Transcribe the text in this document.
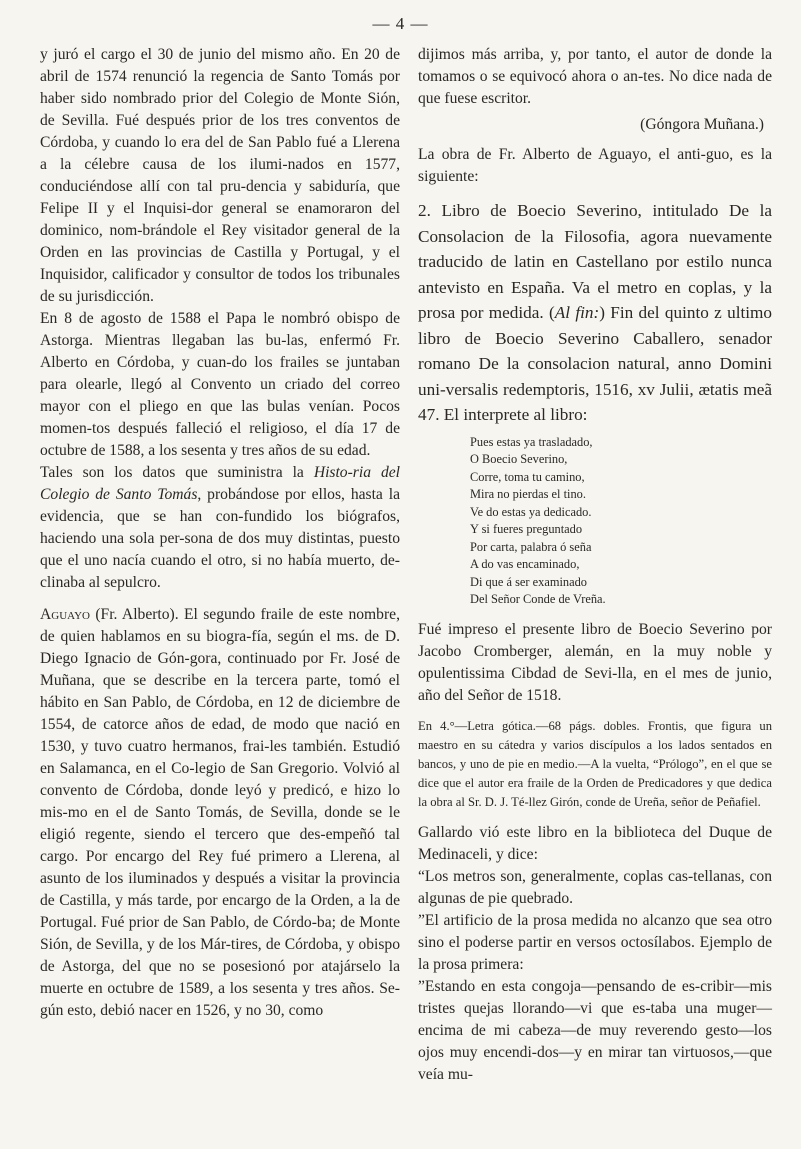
— 4 —

y juró el cargo el 30 de junio del mismo año. En 20 de abril de 1574 renunció la regencia de Santo Tomás por haber sido nombrado prior del Colegio de Monte Sión, de Sevilla. Fué después prior de los tres conventos de Córdoba, y cuando lo era del de San Pablo fué a Llerena a la célebre causa de los ilumi-nados en 1577, conduciéndose allí con tal pru-dencia y sabiduría, que Felipe II y el Inquisi-dor general se enamoraron del dominico, nom-brándole el Rey visitador general de la Orden en las provincias de Castilla y Portugal, y el Inquisidor, calificador y consultor de todos los tribunales de su jurisdicción.

En 8 de agosto de 1588 el Papa le nombró obispo de Astorga. Mientras llegaban las bu-las, enfermó Fr. Alberto en Córdoba, y cuan-do los frailes se juntaban para olearle, llegó al Convento un criado del correo mayor con el pliego en que las bulas venían. Pocos momen-tos después falleció el religioso, el día 17 de octubre de 1588, a los sesenta y tres años de su edad.

Tales son los datos que suministra la Histo-ria del Colegio de Santo Tomás, probándose por ellos, hasta la evidencia, que se han con-fundido los biógrafos, haciendo una sola per-sona de dos muy distintas, puesto que el uno nacía cuando el otro, si no había muerto, de-clinaba al sepulcro.

Aguayo (Fr. Alberto). El segundo fraile de este nombre, de quien hablamos en su biogra-fía, según el ms. de D. Diego Ignacio de Gón-gora, continuado por Fr. José de Muñana, que se describe en la tercera parte, tomó el hábito en San Pablo, de Córdoba, en 12 de diciembre de 1554, de catorce años de edad, de modo que nació en 1530, y tuvo cuatro hermanos, frai-les también. Estudió en Salamanca, en el Co-legio de San Gregorio. Volvió al convento de Córdoba, donde leyó y predicó, e hizo lo mis-mo en el de Santo Tomás, de Sevilla, donde se le eligió regente, siendo el tercero que des-empeñó tal cargo. Por encargo del Rey fué primero a Llerena, al asunto de los iluminados y después a visitar la provincia de Castilla, y más tarde, por encargo de la Orden, a la de Portugal. Fué prior de San Pablo, de Córdo-ba; de Monte Sión, de Sevilla, y de los Már-tires, de Córdoba, y obispo de Astorga, del que no se posesionó por atajárselo la muerte en octubre de 1589, a los sesenta y tres años. Se-gún esto, debió nacer en 1526, y no 30, como

dijimos más arriba, y, por tanto, el autor de donde la tomamos o se equivocó ahora o an-tes. No dice nada de que fuese escritor.

(Góngora Muñana.)

La obra de Fr. Alberto de Aguayo, el anti-guo, es la siguiente:

2. Libro de Boecio Severino, intitulado De la Consolacion de la Filosofia, agora nuevamente traducido de latin en Castellano por estilo nunca antevisto en España. Va el metro en coplas, y la prosa por medida. (Al fin:) Fin del quinto z ultimo libro de Boecio Severino Caballero, senador romano De la consolacion natural, anno Domini uni-versalis redemptoris, 1516, xv Julii, ætatis meã 47. El interprete al libro:

Pues estas ya trasladado,
O Boecio Severino,
Corre, toma tu camino,
Mira no pierdas el tino.
Ve do estas ya dedicado.
Y si fueres preguntado
Por carta, palabra ó seña
A do vas encaminado,
Di que á ser examinado
Del Señor Conde de Vreña.

Fué impreso el presente libro de Boecio Severino por Jacobo Cromberger, alemán, en la muy noble y opulentissima Cibdad de Sevi-lla, en el mes de junio, año del Señor de 1518.

En 4.°—Letra gótica.—68 págs. dobles. Frontis, que figura un maestro en su cátedra y varios discípulos a los lados sentados en bancos, y uno de pie en medio.—A la vuelta, “Prólogo”, en el que se dice que el autor era fraile de la Orden de Predicadores y que dedica la obra al Sr. D. J. Té-llez Girón, conde de Ureña, señor de Peñafiel.

Gallardo vió este libro en la biblioteca del Duque de Medinaceli, y dice:

“Los metros son, generalmente, coplas cas-tellanas, con algunas de pie quebrado.

”El artificio de la prosa medida no alcanzo que sea otro sino el poderse partir en versos octosílabos. Ejemplo de la prosa primera:

”Estando en esta congoja—pensando de es-cribir—mis tristes quejas llorando—vi que es-taba una muger—encima de mi cabeza—de muy reverendo gesto—los ojos muy encendi-dos—y en mirar tan virtuosos,—que veía mu-
